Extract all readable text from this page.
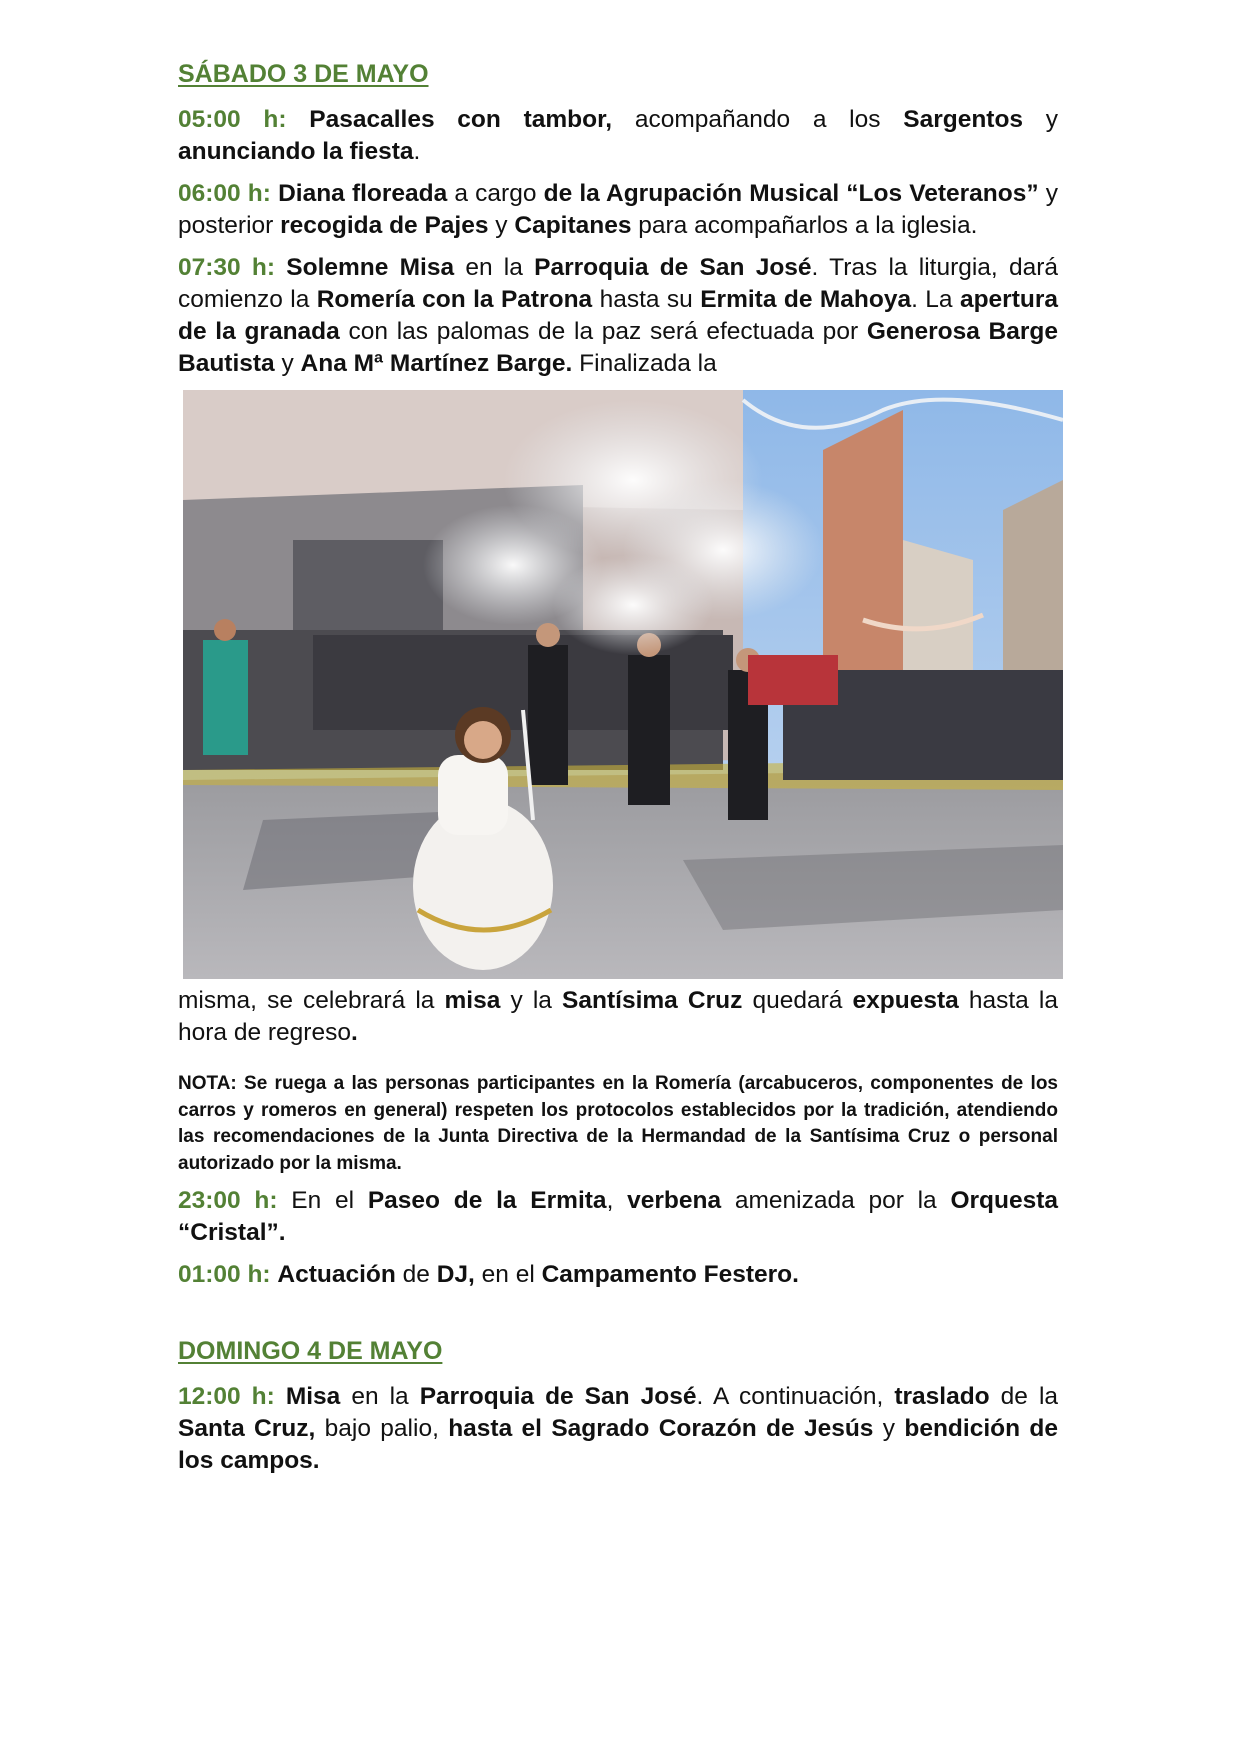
SÁBADO 3 DE MAYO

05:00 h: Pasacalles con tambor, acompañando a los Sargentos y anunciando la fiesta.

06:00 h: Diana floreada a cargo de la Agrupación Musical “Los Veteranos” y posterior recogida de Pajes y Capitanes para acompañarlos a la iglesia.

07:30 h: Solemne Misa en la Parroquia de San José. Tras la liturgia, dará comienzo la Romería con la Patrona hasta su Ermita de Mahoya. La apertura de la granada con las palomas de la paz será efectuada por Generosa Barge Bautista y Ana Mª Martínez Barge. Finalizada la

misma, se celebrará la misa y la Santísima Cruz quedará expuesta hasta la hora de regreso.

NOTA: Se ruega a las personas participantes en la Romería (arcabuceros, componentes de los carros y romeros en general) respeten los protocolos establecidos por la tradición, atendiendo las recomendaciones de la Junta Directiva de la Hermandad de la Santísima Cruz o personal autorizado por la misma.

23:00 h: En el Paseo de la Ermita, verbena amenizada por la Orquesta “Cristal”.

01:00 h: Actuación de DJ, en el Campamento Festero.

DOMINGO 4 DE MAYO

12:00 h: Misa en la Parroquia de San José. A continuación, traslado de la Santa Cruz, bajo palio, hasta el Sagrado Corazón de Jesús y bendición de los campos.
